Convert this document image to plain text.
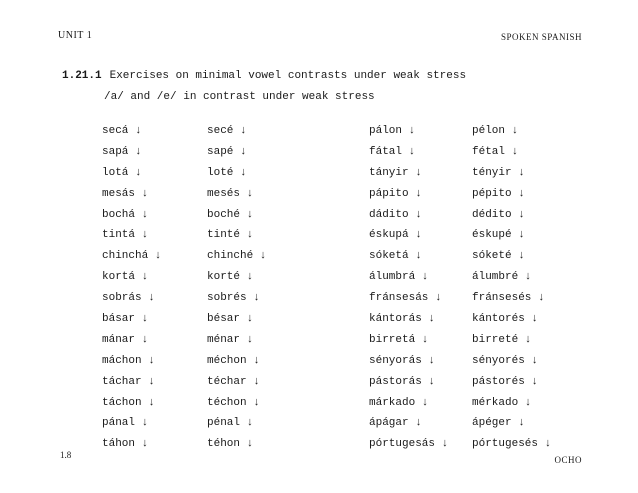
UNIT 1	SPOKEN SPANISH
1.21.1 Exercises on minimal vowel contrasts under weak stress
/a/ and /e/ in contrast under weak stress
secá ↓
sapá ↓
lotá ↓
mesás ↓
bochá ↓
tintá ↓
chinchá ↓
kortá ↓
sobrás ↓
básar ↓
mánar ↓
máchon ↓
táchar ↓
táchon ↓
pánal ↓
táhon ↓
secé ↓
sapé ↓
loté ↓
mesés ↓
boché ↓
tinté ↓
chinché ↓
korté ↓
sobrés ↓
bésar ↓
ménar ↓
méchon ↓
téchar ↓
téchon ↓
pénal ↓
téhon ↓
pálon ↓
fátal ↓
tányir ↓
pápito ↓
dádito ↓
éskupá ↓
sóketá ↓
álumbrá ↓
fránsesás ↓
kántorás ↓
birretá ↓
sényorás ↓
pástorás ↓
márkado ↓
ápágar ↓
pórtugesás ↓
pélon ↓
fétal ↓
tényir ↓
pépito ↓
dédito ↓
éskupé ↓
sóketé ↓
álumbré ↓
fránsesés ↓
kántorés ↓
birreté ↓
sényorés ↓
pástorés ↓
mérkado ↓
ápéger ↓
pórtugesés ↓
1.8	OCHO
